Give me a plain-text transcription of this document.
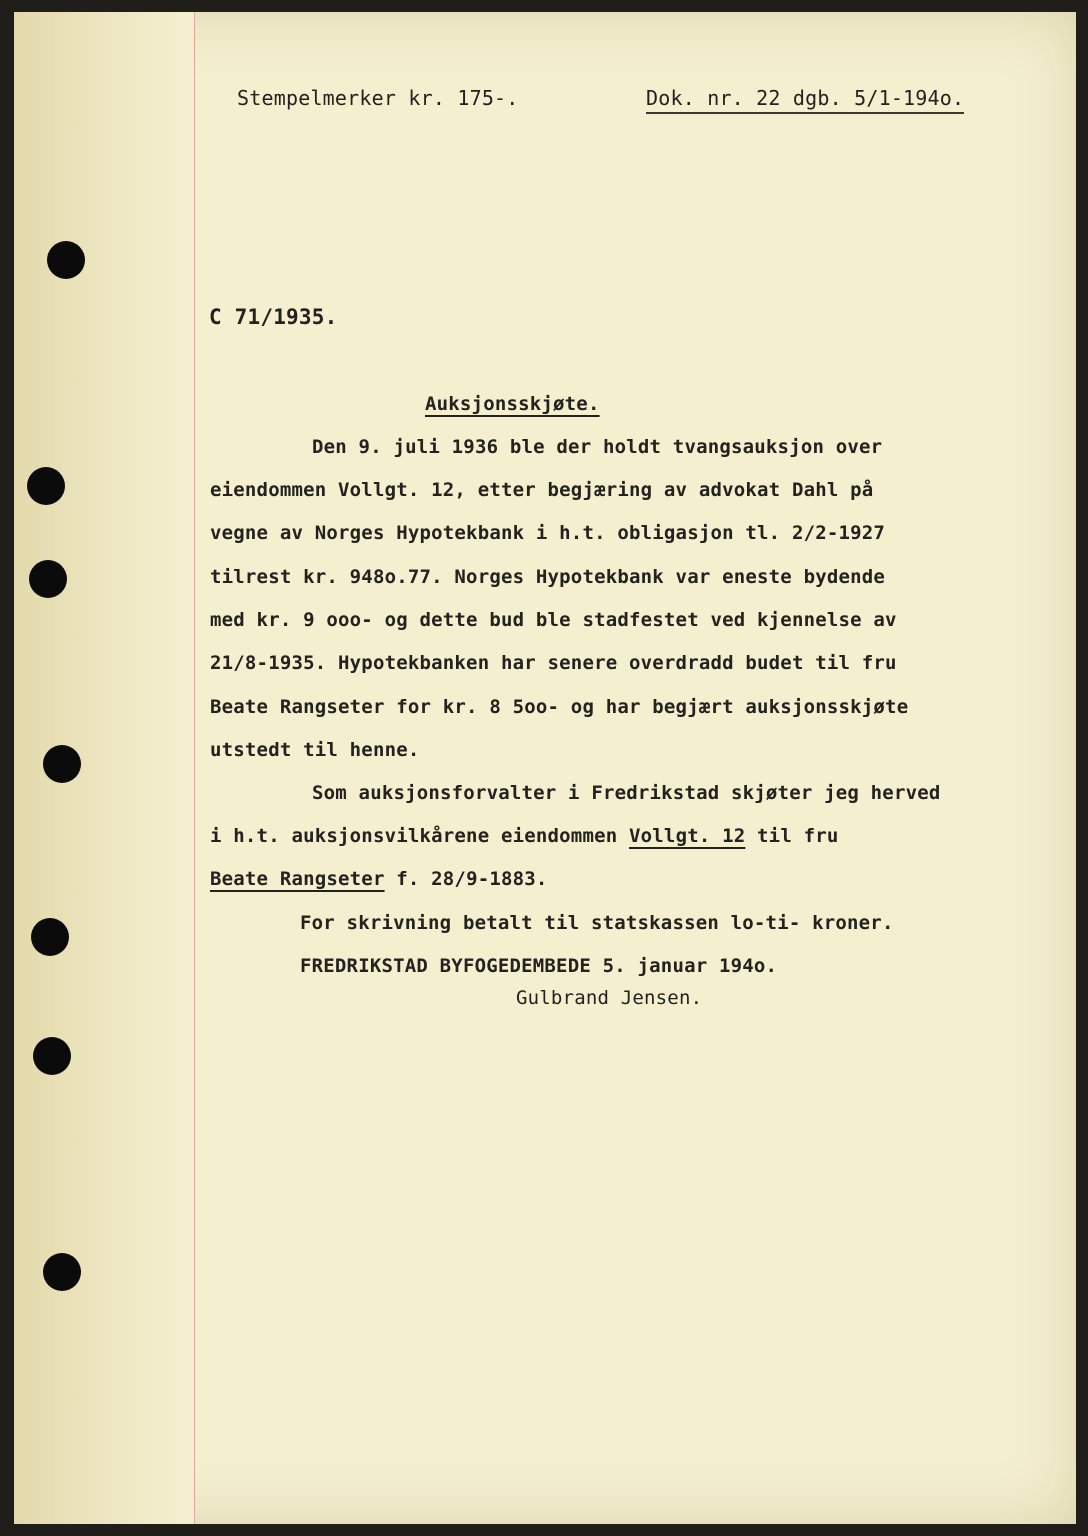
Stempelmerker kr. 175-.	Dok. nr. 22 dgb. 5/1-194o.

C 71/1935.

Auksjonsskjøte.

Den 9. juli 1936 ble der holdt tvangsauksjon over

eiendommen Vollgt. 12, etter begjæring av advokat Dahl på

vegne av Norges Hypotekbank i h.t. obligasjon tl. 2/2-1927

tilrest kr. 948o.77. Norges Hypotekbank var eneste bydende

med kr. 9 ooo- og dette bud ble stadfestet ved kjennelse av

21/8-1935. Hypotekbanken har senere overdradd budet til fru

Beate Rangseter for kr. 8 5oo- og har begjært auksjonsskjøte

utstedt til henne.

Som auksjonsforvalter i Fredrikstad skjøter jeg herved

i h.t. auksjonsvilkårene eiendommen Vollgt. 12 til fru

Beate Rangseter f. 28/9-1883.

For skrivning betalt til statskassen lo-ti- kroner.

FREDRIKSTAD BYFOGEDEMBEDE 5. januar 194o.

Gulbrand Jensen.
